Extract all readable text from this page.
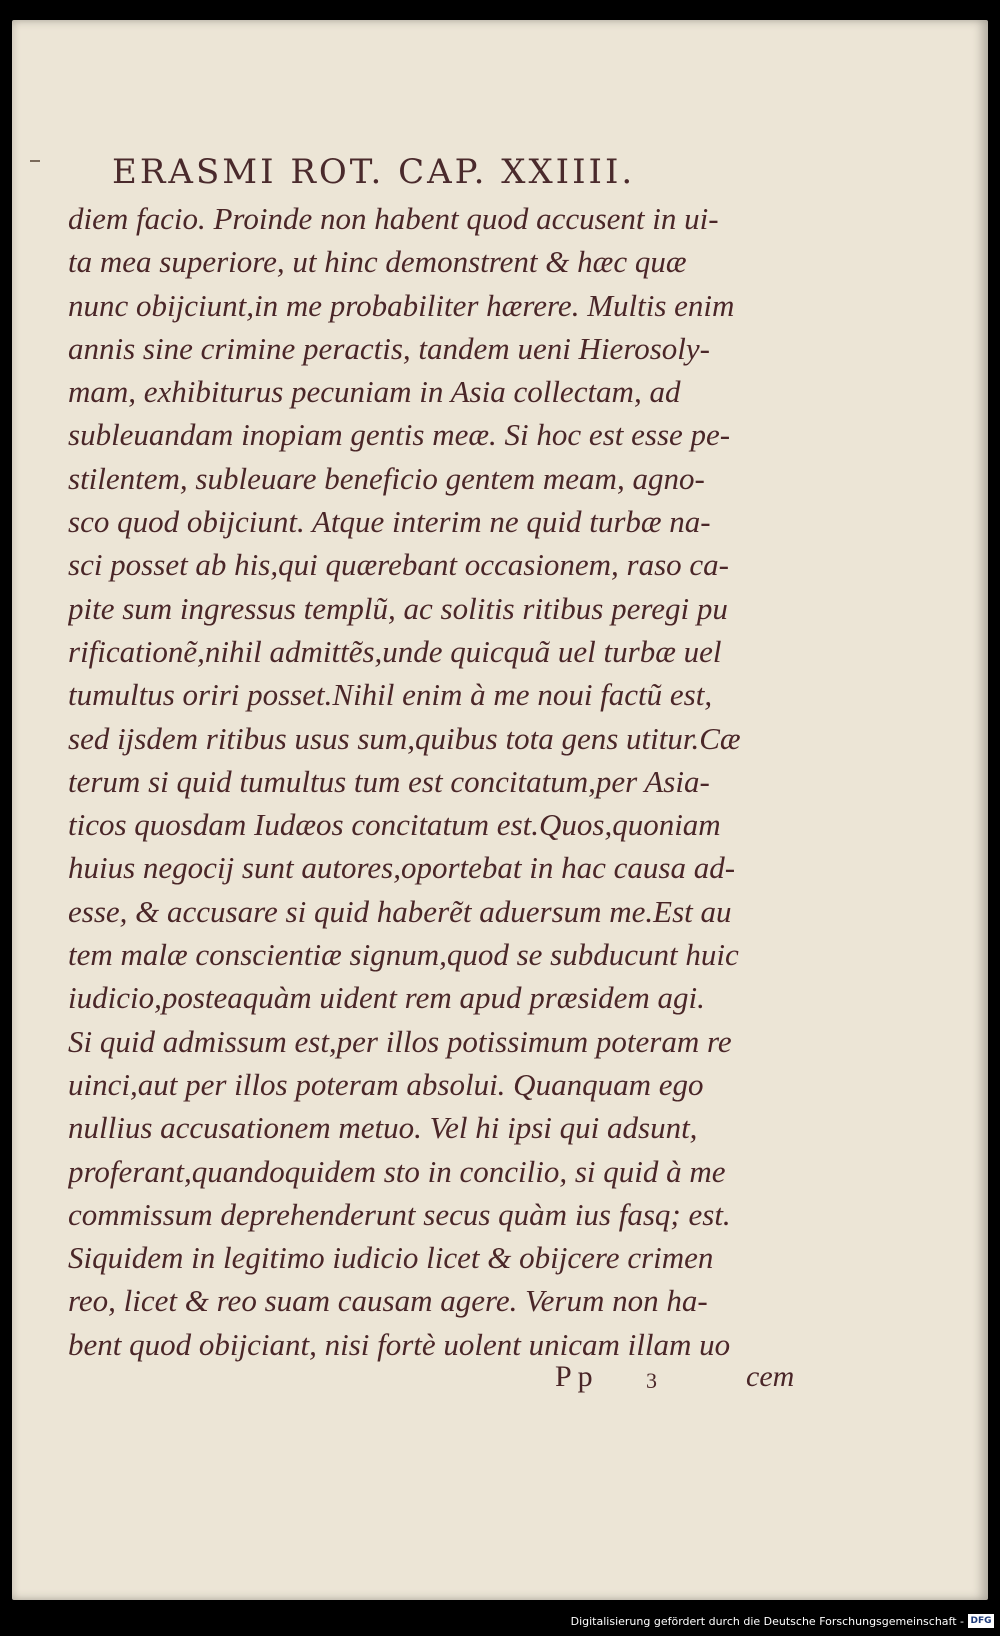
ERASMI ROT. CAP. XXIIII.
diem facio. Proinde non habent quod accusent in ui-
ta mea superiore, ut hinc demonstrent & hæc quæ
nunc obijciunt,in me probabiliter hærere. Multis enim
annis sine crimine peractis, tandem ueni Hierosoly-
mam, exhibiturus pecuniam in Asia collectam, ad
subleuandam inopiam gentis meæ. Si hoc est esse pe-
stilentem, subleuare beneficio gentem meam, agno-
sco quod obijciunt. Atque interim ne quid turbæ na-
sci posset ab his,qui quærebant occasionem, raso ca-
pite sum ingressus templũ, ac solitis ritibus peregi pu
rificationẽ,nihil admittẽs,unde quicquã uel turbæ uel
tumultus oriri posset.Nihil enim à me noui factũ est,
sed ijsdem ritibus usus sum,quibus tota gens utitur.Cæ
terum si quid tumultus tum est concitatum,per Asia-
ticos quosdam Iudæos concitatum est.Quos,quoniam
huius negocij sunt autores,oportebat in hac causa ad-
esse, & accusare si quid haberẽt aduersum me.Est au
tem malæ conscientiæ signum,quod se subducunt huic
iudicio,posteaquàm uident rem apud præsidem agi.
Si quid admissum est,per illos potissimum poteram re
uinci,aut per illos poteram absolui. Quanquam ego
nullius accusationem metuo. Vel hi ipsi qui adsunt,
proferant,quandoquidem sto in concilio, si quid à me
commissum deprehenderunt secus quàm ius fasq; est.
Siquidem in legitimo iudicio licet & obijcere crimen
reo, licet & reo suam causam agere. Verum non ha-
bent quod obijciant, nisi fortè uolent unicam illam uo
Pp 3	cem
Digitalisierung gefördert durch die Deutsche Forschungsgemeinschaft - DFG
